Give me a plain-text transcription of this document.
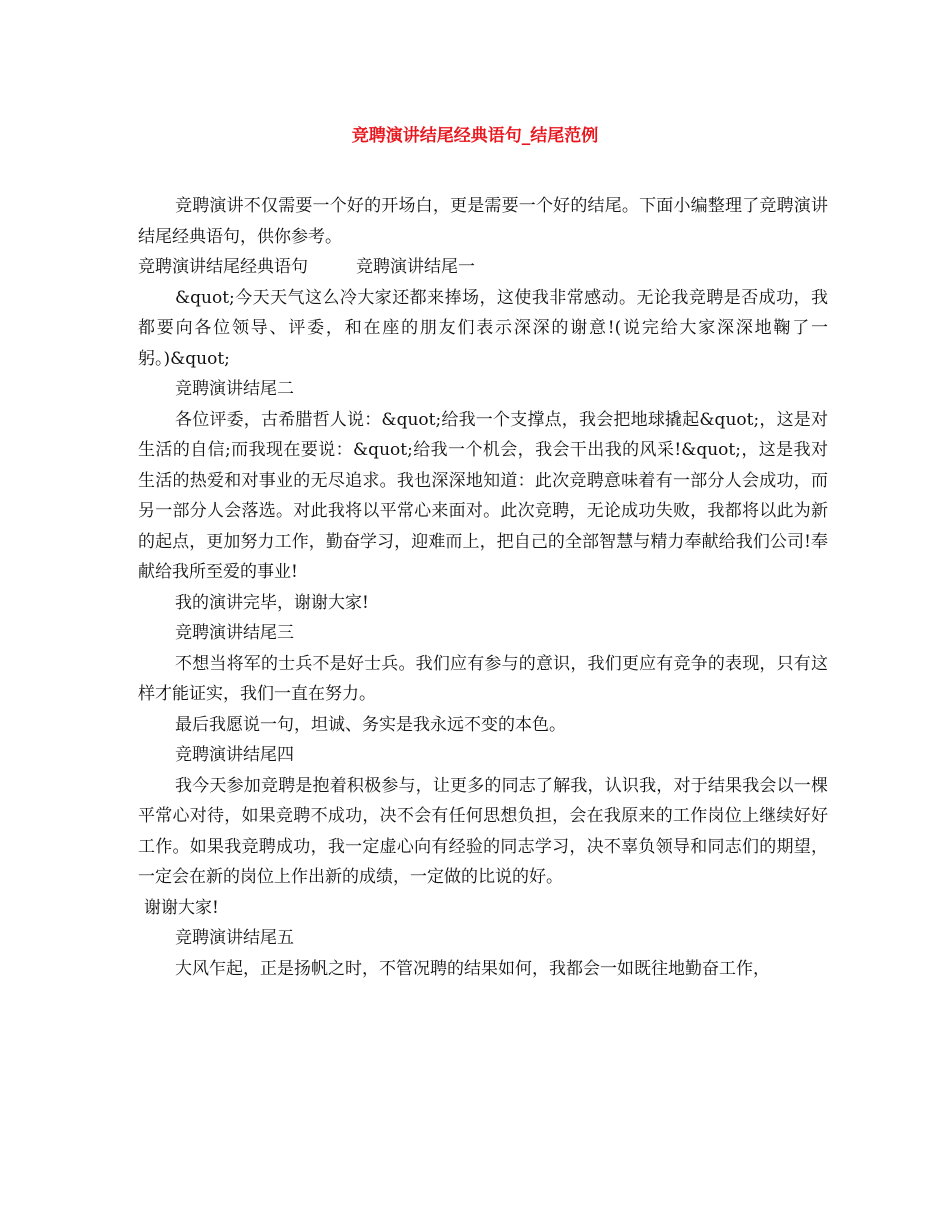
竞聘演讲结尾经典语句_结尾范例

竞聘演讲不仅需要一个好的开场白，更是需要一个好的结尾。下面小编整理了竞聘演讲结尾经典语句，供你参考。

竞聘演讲结尾经典语句	竞聘演讲结尾一

&quot;今天天气这么冷大家还都来捧场，这使我非常感动。无论我竞聘是否成功，我都要向各位领导、评委，和在座的朋友们表示深深的谢意!(说完给大家深深地鞠了一躬。)&quot;

竞聘演讲结尾二

各位评委，古希腊哲人说：&quot;给我一个支撑点，我会把地球撬起&quot;，这是对生活的自信;而我现在要说：&quot;给我一个机会，我会干出我的风采!&quot;，这是我对生活的热爱和对事业的无尽追求。我也深深地知道：此次竞聘意味着有一部分人会成功，而另一部分人会落选。对此我将以平常心来面对。此次竞聘，无论成功失败，我都将以此为新的起点，更加努力工作，勤奋学习，迎难而上，把自己的全部智慧与精力奉献给我们公司!奉献给我所至爱的事业!

我的演讲完毕，谢谢大家!

竞聘演讲结尾三

不想当将军的士兵不是好士兵。我们应有参与的意识，我们更应有竞争的表现，只有这样才能证实，我们一直在努力。

最后我愿说一句，坦诚、务实是我永远不变的本色。

竞聘演讲结尾四

我今天参加竞聘是抱着积极参与，让更多的同志了解我，认识我，对于结果我会以一棵平常心对待，如果竞聘不成功，决不会有任何思想负担，会在我原来的工作岗位上继续好好工作。如果我竞聘成功，我一定虚心向有经验的同志学习，决不辜负领导和同志们的期望，一定会在新的岗位上作出新的成绩，一定做的比说的好。

谢谢大家!

竞聘演讲结尾五

大风乍起，正是扬帆之时，不管况聘的结果如何，我都会一如既往地勤奋工作，
